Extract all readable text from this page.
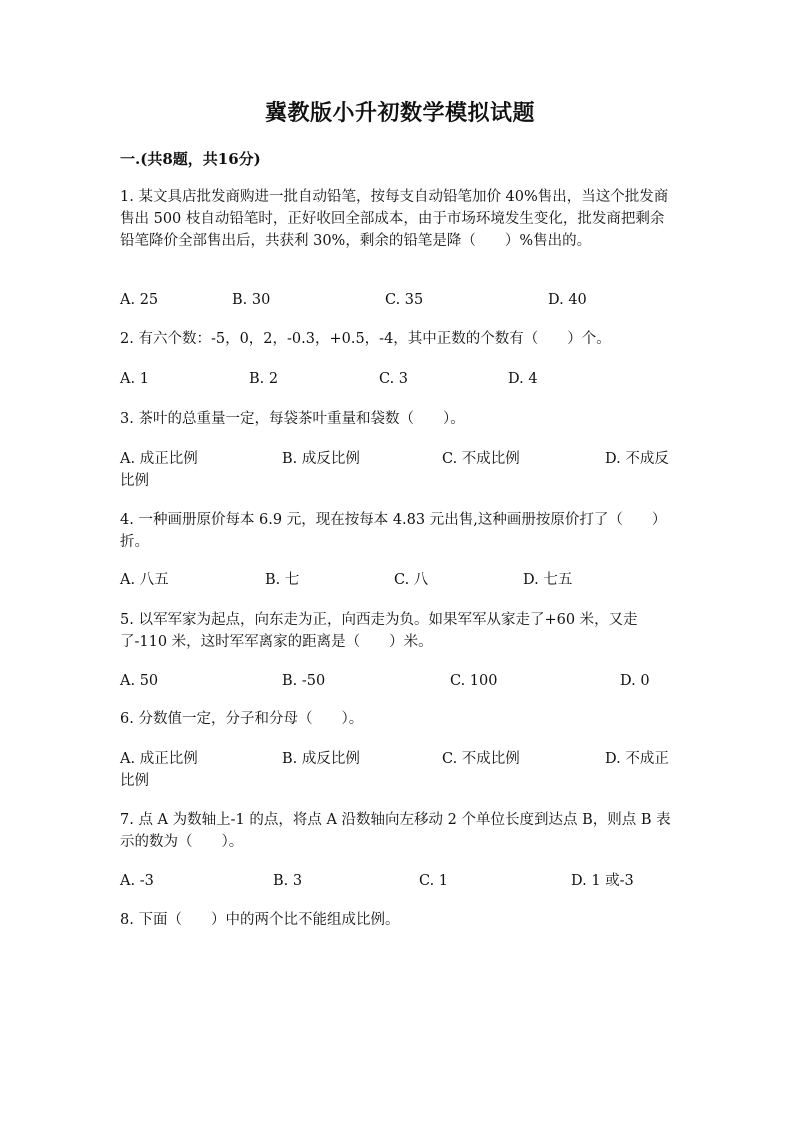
冀教版小升初数学模拟试题
一.(共8题，共16分)

1. 某文具店批发商购进一批自动铅笔，按每支自动铅笔加价 40%售出，当这个批发商售出 500 枝自动铅笔时，正好收回全部成本，由于市场环境发生变化，批发商把剩余铅笔降价全部售出后，共获利 30%，剩余的铅笔是降（　　）%售出的。

A. 25	B. 30	C. 35	D. 40

2. 有六个数：-5，0，2，-0.3，+0.5，-4，其中正数的个数有（　　）个。

A. 1	B. 2	C. 3	D. 4

3. 茶叶的总重量一定，每袋茶叶重量和袋数（　　）。

A. 成正比例	B. 成反比例	C. 不成比例	D. 不成反
比例

4. 一种画册原价每本 6.9 元，现在按每本 4.83 元出售,这种画册按原价打了（　　）折。

A. 八五	B. 七	C. 八	D. 七五

5. 以军军家为起点，向东走为正，向西走为负。如果军军从家走了+60 米，又走了-110 米，这时军军离家的距离是（　　）米。

A. 50	B. -50	C. 100	D. 0

6. 分数值一定，分子和分母（　　）。

A. 成正比例	B. 成反比例	C. 不成比例	D. 不成正
比例

7. 点 A 为数轴上-1 的点，将点 A 沿数轴向左移动 2 个单位长度到达点 B，则点 B 表示的数为（　　）。

A. -3	B. 3	C. 1	D. 1 或-3

8. 下面（　　）中的两个比不能组成比例。
